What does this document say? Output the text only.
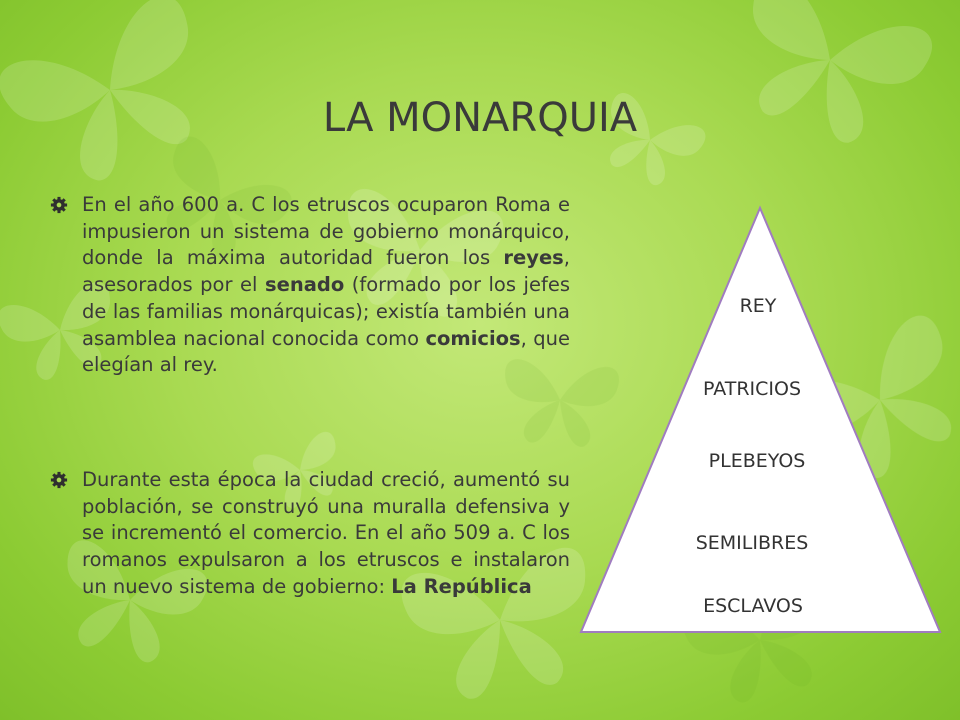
LA MONARQUIA
En el año 600 a. C los etruscos ocuparon Roma e impusieron un sistema de gobierno monárquico, donde la máxima autoridad fueron los reyes, asesorados por el senado (formado por los jefes de las familias monárquicas); existía también una asamblea nacional conocida como comicios, que elegían al rey.
Durante esta época la ciudad creció, aumentó su población, se construyó una muralla defensiva y se incrementó el comercio. En el año 509 a. C los romanos expulsaron a los etruscos e instalaron un nuevo sistema de gobierno: La República
REY
PATRICIOS
PLEBEYOS
SEMILIBRES
ESCLAVOS
